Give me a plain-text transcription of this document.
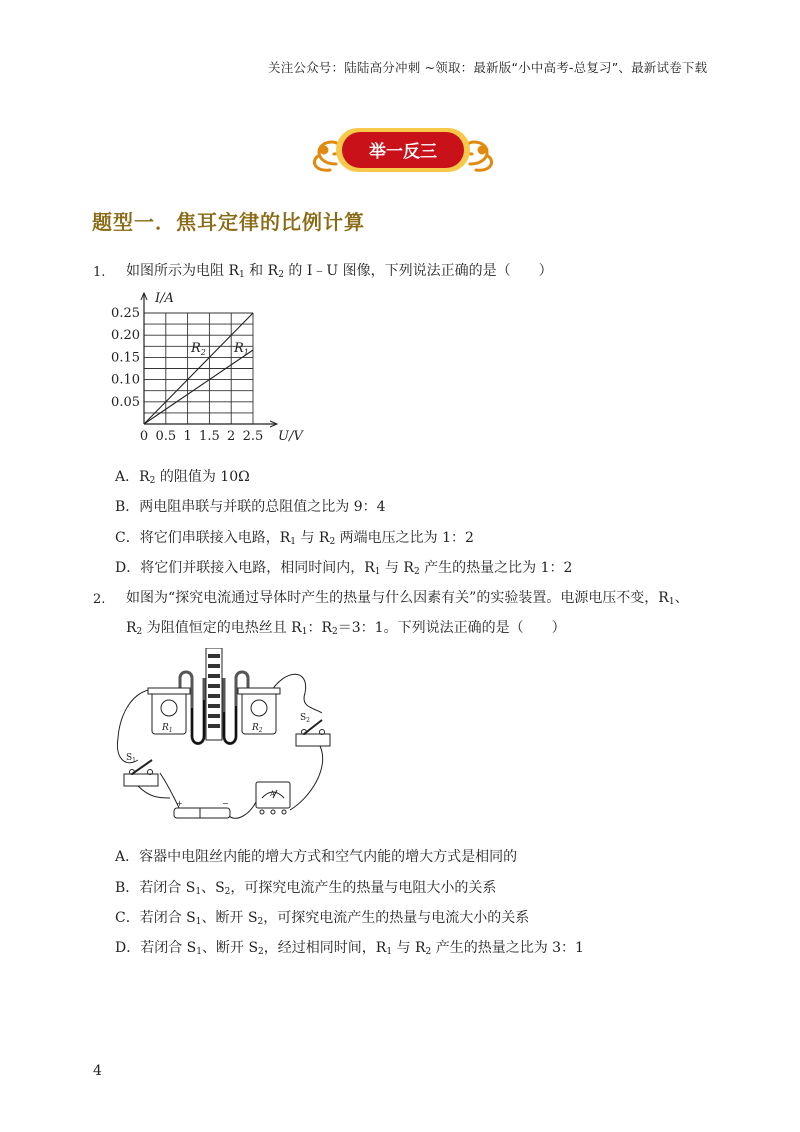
关注公众号：陆陆高分冲刺 ~领取：最新版“小中高考-总复习”、最新试卷下载
举一反三
题型一．焦耳定律的比例计算
1. 如图所示为电阻 $R_1$ 和 $R_2$ 的 I﹣U 图像，下列说法正确的是（　　）
0.05
0.10
0.15
0.20
0.25
0 0.5 1 1.5 2 2.5
I/A
U/V
$R_2$ $R_1$
A．$R_2$ 的阻值为 10Ω
B．两电阻串联与并联的总阻值之比为 9：4
C．将它们串联接入电路，$R_1$ 与 $R_2$ 两端电压之比为 1：2
D．将它们并联接入电路，相同时间内，$R_1$ 与 $R_2$ 产生的热量之比为 1：2
2. 如图为“探究电流通过导体时产生的热量与什么因素有关”的实验装置。电源电压不变，$R_1$、
$R_2$ 为阻值恒定的电热丝且 $R_1$：$R_2=3$：1。下列说法正确的是（　　）
$R_1$	$R_2$
$S_1$
$S_2$
+	−
A
A．容器中电阻丝内能的增大方式和空气内能的增大方式是相同的
B．若闭合 $S_1$、$S_2$，可探究电流产生的热量与电阻大小的关系
C．若闭合 $S_1$、断开 $S_2$，可探究电流产生的热量与电流大小的关系
D．若闭合 $S_1$、断开 $S_2$，经过相同时间，$R_1$ 与 $R_2$ 产生的热量之比为 3：1
4
